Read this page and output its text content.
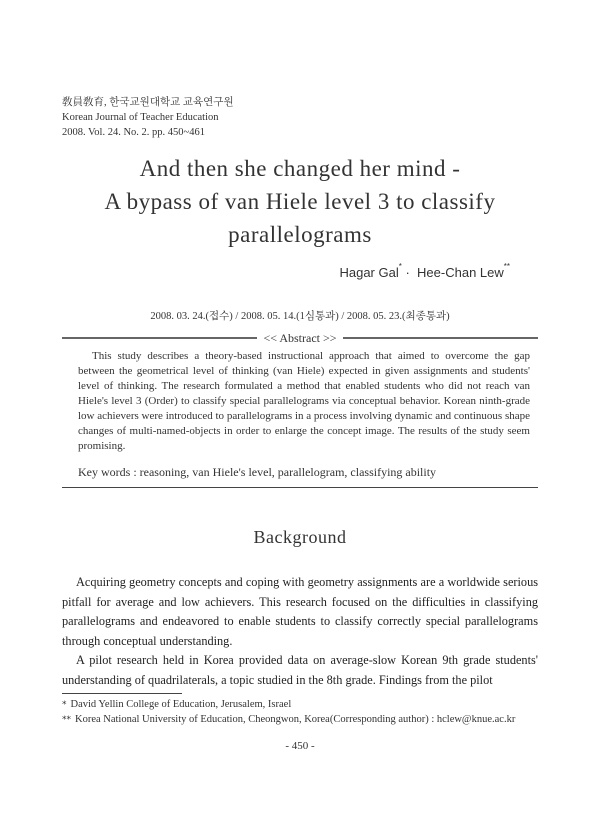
敎員敎育, 한국교원대학교 교육연구원
Korean Journal of Teacher Education
2008. Vol. 24. No. 2. pp. 450~461
And then she changed her mind -
A bypass of van Hiele level 3 to classify
parallelograms
Hagar Gal* · Hee-Chan Lew**
2008. 03. 24.(접수) / 2008. 05. 14.(1심통과) / 2008. 05. 23.(최종통과)
<< Abstract >>
This study describes a theory-based instructional approach that aimed to overcome the gap between the geometrical level of thinking (van Hiele) expected in given assignments and students' level of thinking. The research formulated a method that enabled students who did not reach van Hiele's level 3 (Order) to classify special parallelograms via conceptual behavior. Korean ninth-grade low achievers were introduced to parallelograms in a process involving dynamic and continuous shape changes of multi-named-objects in order to enlarge the concept image. The results of the study seem promising.
Key words : reasoning, van Hiele's level, parallelogram, classifying ability
Background

Acquiring geometry concepts and coping with geometry assignments are a worldwide serious pitfall for average and low achievers. This research focused on the difficulties in classifying parallelograms and endeavored to enable students to classify correctly special parallelograms through conceptual understanding.

A pilot research held in Korea provided data on average-slow Korean 9th grade students' understanding of quadrilaterals, a topic studied in the 8th grade. Findings from the pilot

* David Yellin College of Education, Jerusalem, Israel
** Korea National University of Education, Cheongwon, Korea(Corresponding author) : hclew@knue.ac.kr
- 450 -
